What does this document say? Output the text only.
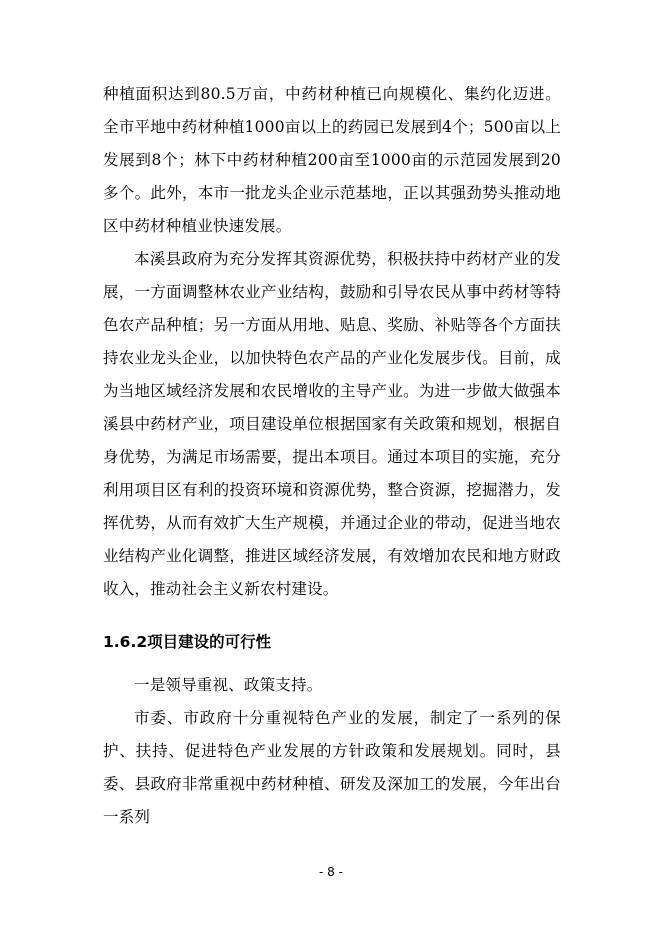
种植面积达到80.5万亩，中药材种植已向规模化、集约化迈进。全市平地中药材种植1000亩以上的药园已发展到4个；500亩以上发展到8个；林下中药材种植200亩至1000亩的示范园发展到20多个。此外，本市一批龙头企业示范基地，正以其强劲势头推动地区中药材种植业快速发展。

本溪县政府为充分发挥其资源优势，积极扶持中药材产业的发展，一方面调整林农业产业结构，鼓励和引导农民从事中药材等特色农产品种植；另一方面从用地、贴息、奖励、补贴等各个方面扶持农业龙头企业，以加快特色农产品的产业化发展步伐。目前，成为当地区域经济发展和农民增收的主导产业。为进一步做大做强本溪县中药材产业，项目建设单位根据国家有关政策和规划，根据自身优势，为满足市场需要，提出本项目。通过本项目的实施，充分利用项目区有利的投资环境和资源优势，整合资源，挖掘潜力，发挥优势，从而有效扩大生产规模，并通过企业的带动，促进当地农业结构产业化调整，推进区域经济发展，有效增加农民和地方财政收入，推动社会主义新农村建设。

1.6.2项目建设的可行性

一是领导重视、政策支持。

市委、市政府十分重视特色产业的发展，制定了一系列的保护、扶持、促进特色产业发展的方针政策和发展规划。同时，县委、县政府非常重视中药材种植、研发及深加工的发展，今年出台一系列

- 8 -
